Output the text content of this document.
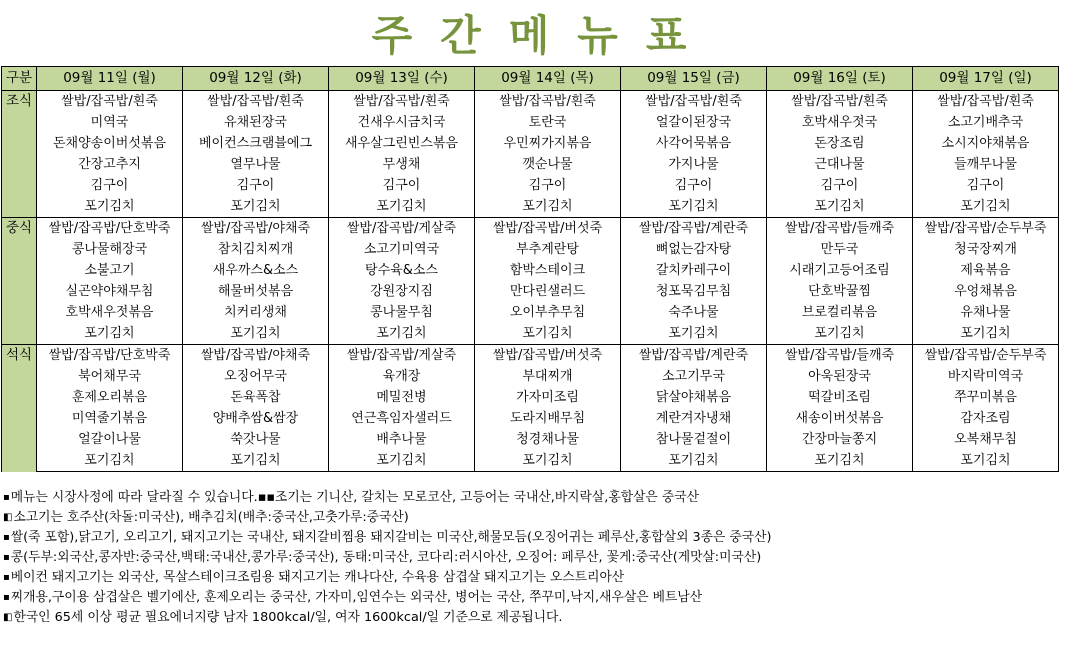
주간메뉴표
구분	09월 11일 (월)	09월 12일 (화)	09월 13일 (수)	09월 14일 (목)	09월 15일 (금)	09월 16일 (토)	09월 17일 (일)
조식	쌀밥/잡곡밥/흰죽	쌀밥/잡곡밥/흰죽	쌀밥/잡곡밥/흰죽	쌀밥/잡곡밥/흰죽	쌀밥/잡곡밥/흰죽	쌀밥/잡곡밥/흰죽	쌀밥/잡곡밥/흰죽
	미역국	유채된장국	건새우시금치국	토란국	얼갈이된장국	호박새우젓국	소고기배추국
	돈채양송이버섯볶음	베이컨스크램블에그	새우살그린빈스볶음	우민찌가지볶음	사각어묵볶음	돈장조림	소시지야채볶음
	간장고추지	열무나물	무생채	깻순나물	가지나물	근대나물	들깨무나물
	김구이	김구이	김구이	김구이	김구이	김구이	김구이
	포기김치	포기김치	포기김치	포기김치	포기김치	포기김치	포기김치
중식	쌀밥/잡곡밥/단호박죽	쌀밥/잡곡밥/야채죽	쌀밥/잡곡밥/게살죽	쌀밥/잡곡밥/버섯죽	쌀밥/잡곡밥/계란죽	쌀밥/잡곡밥/들깨죽	쌀밥/잡곡밥/순두부죽
	콩나물해장국	참치김치찌개	소고기미역국	부추계란탕	뼈없는감자탕	만두국	청국장찌개
	소불고기	새우까스&소스	탕수육&소스	함박스테이크	갈치카레구이	시래기고등어조림	제육볶음
	실곤약야채무침	해물버섯볶음	강원장지짐	만다린샐러드	청포묵김무침	단호박꿀찜	우엉채볶음
	호박새우젓볶음	치커리생채	콩나물무침	오이부추무침	숙주나물	브로컬리볶음	유채나물
	포기김치	포기김치	포기김치	포기김치	포기김치	포기김치	포기김치
석식	쌀밥/잡곡밥/단호박죽	쌀밥/잡곡밥/야채죽	쌀밥/잡곡밥/게살죽	쌀밥/잡곡밥/버섯죽	쌀밥/잡곡밥/계란죽	쌀밥/잡곡밥/들깨죽	쌀밥/잡곡밥/순두부죽
	북어채무국	오징어무국	육개장	부대찌개	소고기무국	아욱된장국	바지락미역국
	훈제오리볶음	돈육폭찹	메밀전병	가자미조림	닭살야채볶음	떡갈비조림	쭈꾸미볶음
	미역줄기볶음	양배추쌈&쌈장	연근흑임자샐러드	도라지배무침	계란겨자냉채	새송이버섯볶음	감자조림
	얼갈이나물	쑥갓나물	배추나물	청경채나물	참나물겉절이	간장마늘쫑지	오복채무침
	포기김치	포기김치	포기김치	포기김치	포기김치	포기김치	포기김치
▪메뉴는 시장사정에 따라 달라질 수 있습니다.▪▪조기는 기니산, 갈치는 모로코산, 고등어는 국내산,바지락살,홍합살은 중국산
◧소고기는 호주산(차돌:미국산), 배추김치(배추:중국산,고춧가루:중국산)
▪쌀(죽 포함),닭고기, 오리고기, 돼지고기는 국내산, 돼지갈비찜용 돼지갈비는 미국산,해물모듬(오징어귀는 페루산,홍합살외 3종은 중국산)
▪콩(두부:외국산,콩자반:중국산,백태:국내산,콩가루:중국산), 동태:미국산, 코다리:러시아산, 오징어: 페루산, 꽃게:중국산(게맛살:미국산)
▪베이컨 돼지고기는 외국산, 목살스테이크조림용 돼지고기는 캐나다산, 수육용 삼겹살 돼지고기는 오스트리아산
▪찌개용,구이용 삼겹살은 벨기에산, 훈제오리는 중국산, 가자미,임연수는 외국산, 병어는 국산, 쭈꾸미,낙지,새우살은 베트남산
◧한국인 65세 이상 평균 필요에너지량 남자 1800kcal/일, 여자 1600kcal/일 기준으로 제공됩니다.
